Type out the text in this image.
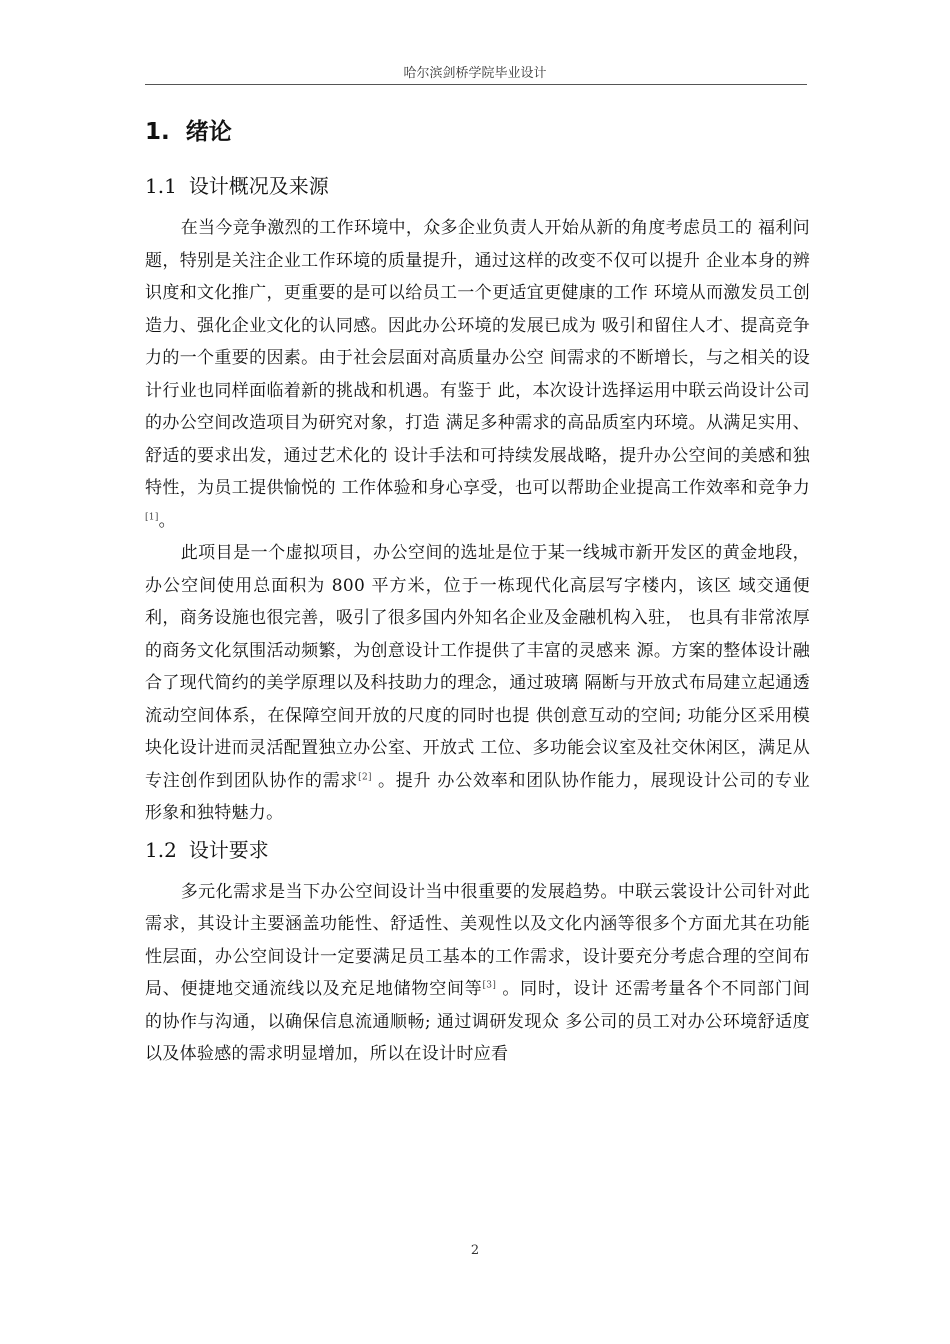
哈尔滨剑桥学院毕业设计
1. 绪论
1.1 设计概况及来源

在当今竞争激烈的工作环境中，众多企业负责人开始从新的角度考虑员工的 福利问题，特别是关注企业工作环境的质量提升，通过这样的改变不仅可以提升 企业本身的辨识度和文化推广，更重要的是可以给员工一个更适宜更健康的工作 环境从而激发员工创造力、强化企业文化的认同感。因此办公环境的发展已成为 吸引和留住人才、提高竞争力的一个重要的因素。由于社会层面对高质量办公空 间需求的不断增长，与之相关的设计行业也同样面临着新的挑战和机遇。有鉴于 此，本次设计选择运用中联云尚设计公司的办公空间改造项目为研究对象，打造 满足多种需求的高品质室内环境。从满足实用、舒适的要求出发，通过艺术化的 设计手法和可持续发展战略，提升办公空间的美感和独特性，为员工提供愉悦的 工作体验和身心享受，也可以帮助企业提高工作效率和竞争力[1]。

此项目是一个虚拟项目，办公空间的选址是位于某一线城市新开发区的黄金地段，办公空间使用总面积为 800 平方米，位于一栋现代化高层写字楼内，该区 域交通便利，商务设施也很完善，吸引了很多国内外知名企业及金融机构入驻， 也具有非常浓厚的商务文化氛围活动频繁，为创意设计工作提供了丰富的灵感来 源。方案的整体设计融合了现代简约的美学原理以及科技助力的理念，通过玻璃 隔断与开放式布局建立起通透流动空间体系，在保障空间开放的尺度的同时也提 供创意互动的空间; 功能分区采用模块化设计进而灵活配置独立办公室、开放式 工位、多功能会议室及社交休闲区，满足从专注创作到团队协作的需求[2] 。提升 办公效率和团队协作能力，展现设计公司的专业形象和独特魅力。

1.2 设计要求

多元化需求是当下办公空间设计当中很重要的发展趋势。中联云裳设计公司针对此需求，其设计主要涵盖功能性、舒适性、美观性以及文化内涵等很多个方面尤其在功能性层面，办公空间设计一定要满足员工基本的工作需求，设计要充分考虑合理的空间布局、便捷地交通流线以及充足地储物空间等[3] 。同时，设计 还需考量各个不同部门间的协作与沟通，以确保信息流通顺畅; 通过调研发现众 多公司的员工对办公环境舒适度以及体验感的需求明显增加，所以在设计时应看

2
